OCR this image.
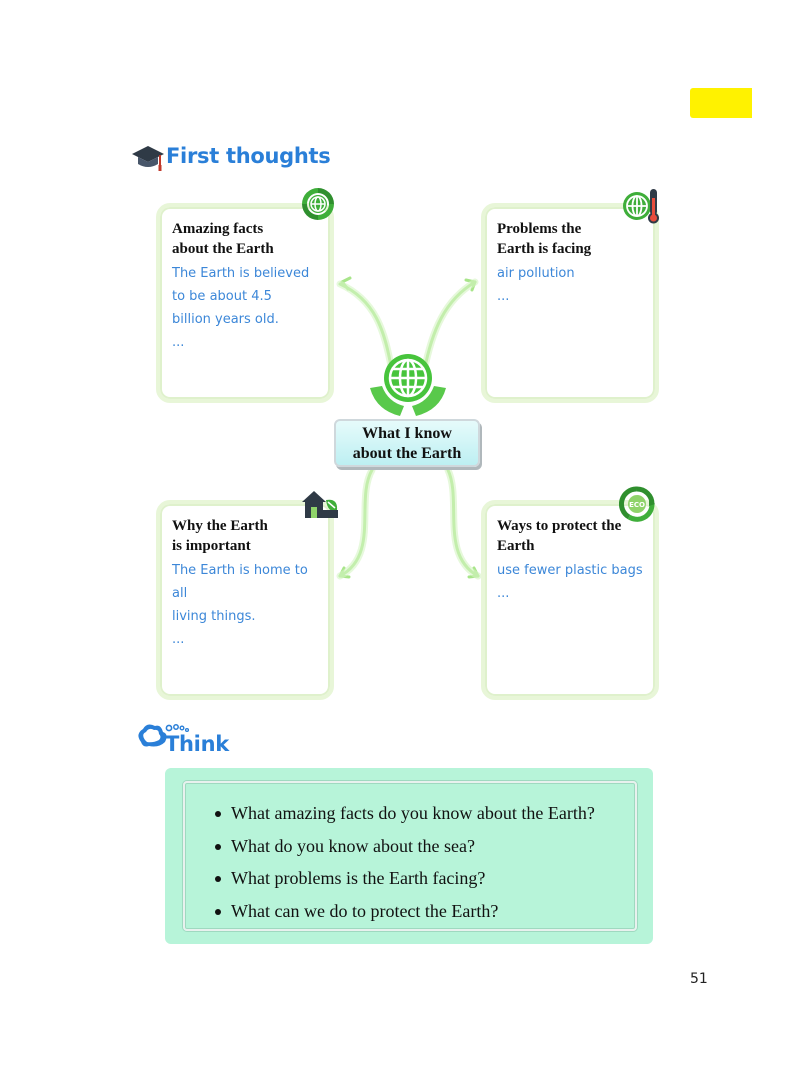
First thoughts
What I know
about the Earth

Amazing facts
about the Earth

The Earth is believed
to be about 4.5
billion years old.
...

Problems the
Earth is facing

air pollution
...

Why the Earth
is important

The Earth is home to all
living things.
...

Ways to protect the
Earth

use fewer plastic bags
...

ECO
Think
What amazing facts do you know about the Earth?
What do you know about the sea?
What problems is the Earth facing?
What can we do to protect the Earth?
51
